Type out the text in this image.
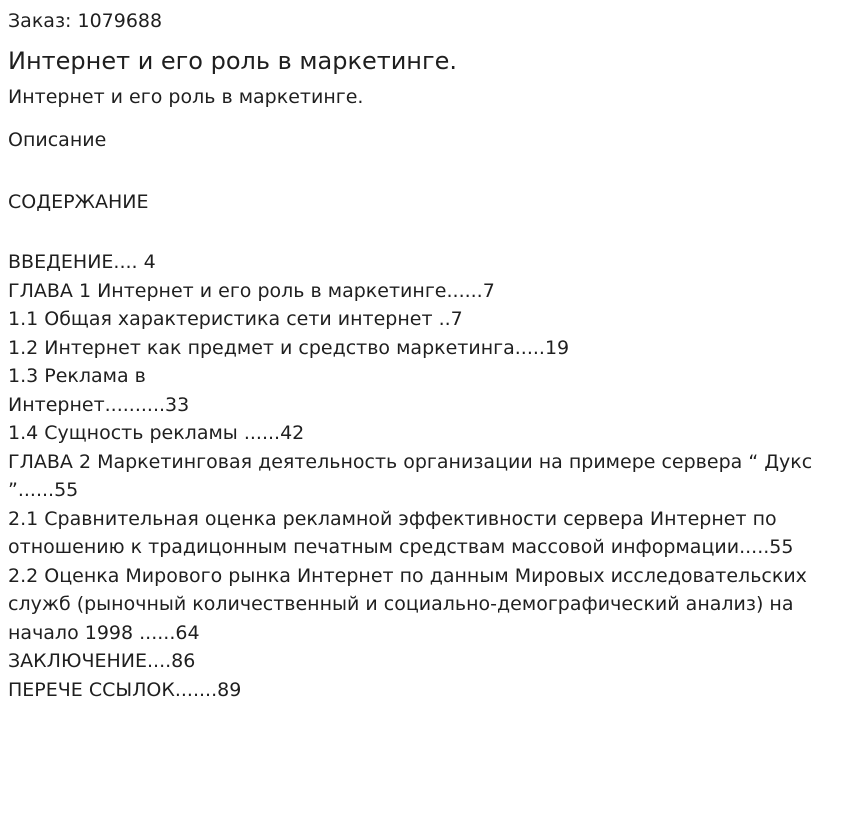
Заказ: 1079688

Интернет и его роль в маркетинге.

Интернет и его роль в маркетинге.

Описание

СОДЕРЖАНИЕ

ВВЕДЕНИЕ.... 4
ГЛАВА 1 Интернет и его роль в маркетинге......7
1.1 Общая характеристика сети интернет ..7
1.2 Интернет как предмет и средство маркетинга.....19
1.3 Реклама в
Интернет..........33
1.4 Сущность рекламы ......42
ГЛАВА 2 Маркетинговая деятельность организации на примере сервера “ Дукс ”......55
2.1 Сравнительная оценка рекламной эффективности сервера Интернет по отношению к традицонным печатным средствам массовой информации.....55
2.2 Оценка Мирового рынка Интернет по данным Мировых исследовательских служб (рыночный количественный и социально-демографический анализ) на начало 1998 ......64
ЗАКЛЮЧЕНИЕ....86
ПЕРЕЧЕ ССЫЛОК.......89
